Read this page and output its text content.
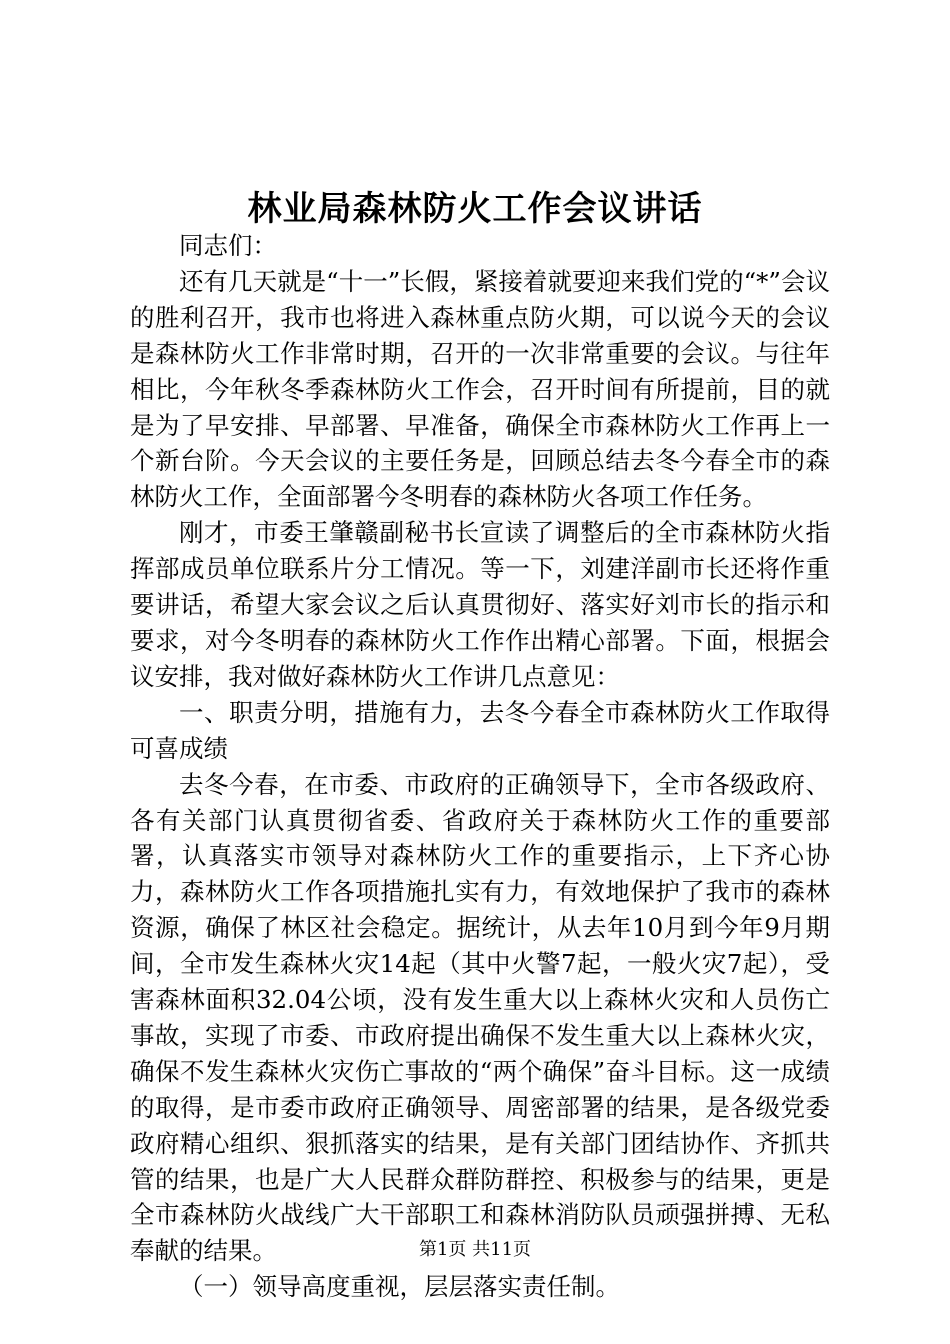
林业局森林防火工作会议讲话

同志们：

还有几天就是“十一”长假，紧接着就要迎来我们党的“*”会议的胜利召开，我市也将进入森林重点防火期，可以说今天的会议是森林防火工作非常时期，召开的一次非常重要的会议。与往年相比，今年秋冬季森林防火工作会，召开时间有所提前，目的就是为了早安排、早部署、早准备，确保全市森林防火工作再上一个新台阶。今天会议的主要任务是，回顾总结去冬今春全市的森林防火工作，全面部署今冬明春的森林防火各项工作任务。

刚才，市委王肇赣副秘书长宣读了调整后的全市森林防火指挥部成员单位联系片分工情况。等一下，刘建洋副市长还将作重要讲话，希望大家会议之后认真贯彻好、落实好刘市长的指示和要求，对今冬明春的森林防火工作作出精心部署。下面，根据会议安排，我对做好森林防火工作讲几点意见：

一、职责分明，措施有力，去冬今春全市森林防火工作取得可喜成绩

去冬今春，在市委、市政府的正确领导下，全市各级政府、各有关部门认真贯彻省委、省政府关于森林防火工作的重要部署，认真落实市领导对森林防火工作的重要指示，上下齐心协力，森林防火工作各项措施扎实有力，有效地保护了我市的森林资源，确保了林区社会稳定。据统计，从去年10月到今年9月期间，全市发生森林火灾14起（其中火警7起，一般火灾7起），受害森林面积32.04公顷，没有发生重大以上森林火灾和人员伤亡事故，实现了市委、市政府提出确保不发生重大以上森林火灾，确保不发生森林火灾伤亡事故的“两个确保”奋斗目标。这一成绩的取得，是市委市政府正确领导、周密部署的结果，是各级党委政府精心组织、狠抓落实的结果，是有关部门团结协作、齐抓共管的结果，也是广大人民群众群防群控、积极参与的结果，更是全市森林防火战线广大干部职工和森林消防队员顽强拼搏、无私奉献的结果。

（一）领导高度重视，层层落实责任制。

第1页 共11页
